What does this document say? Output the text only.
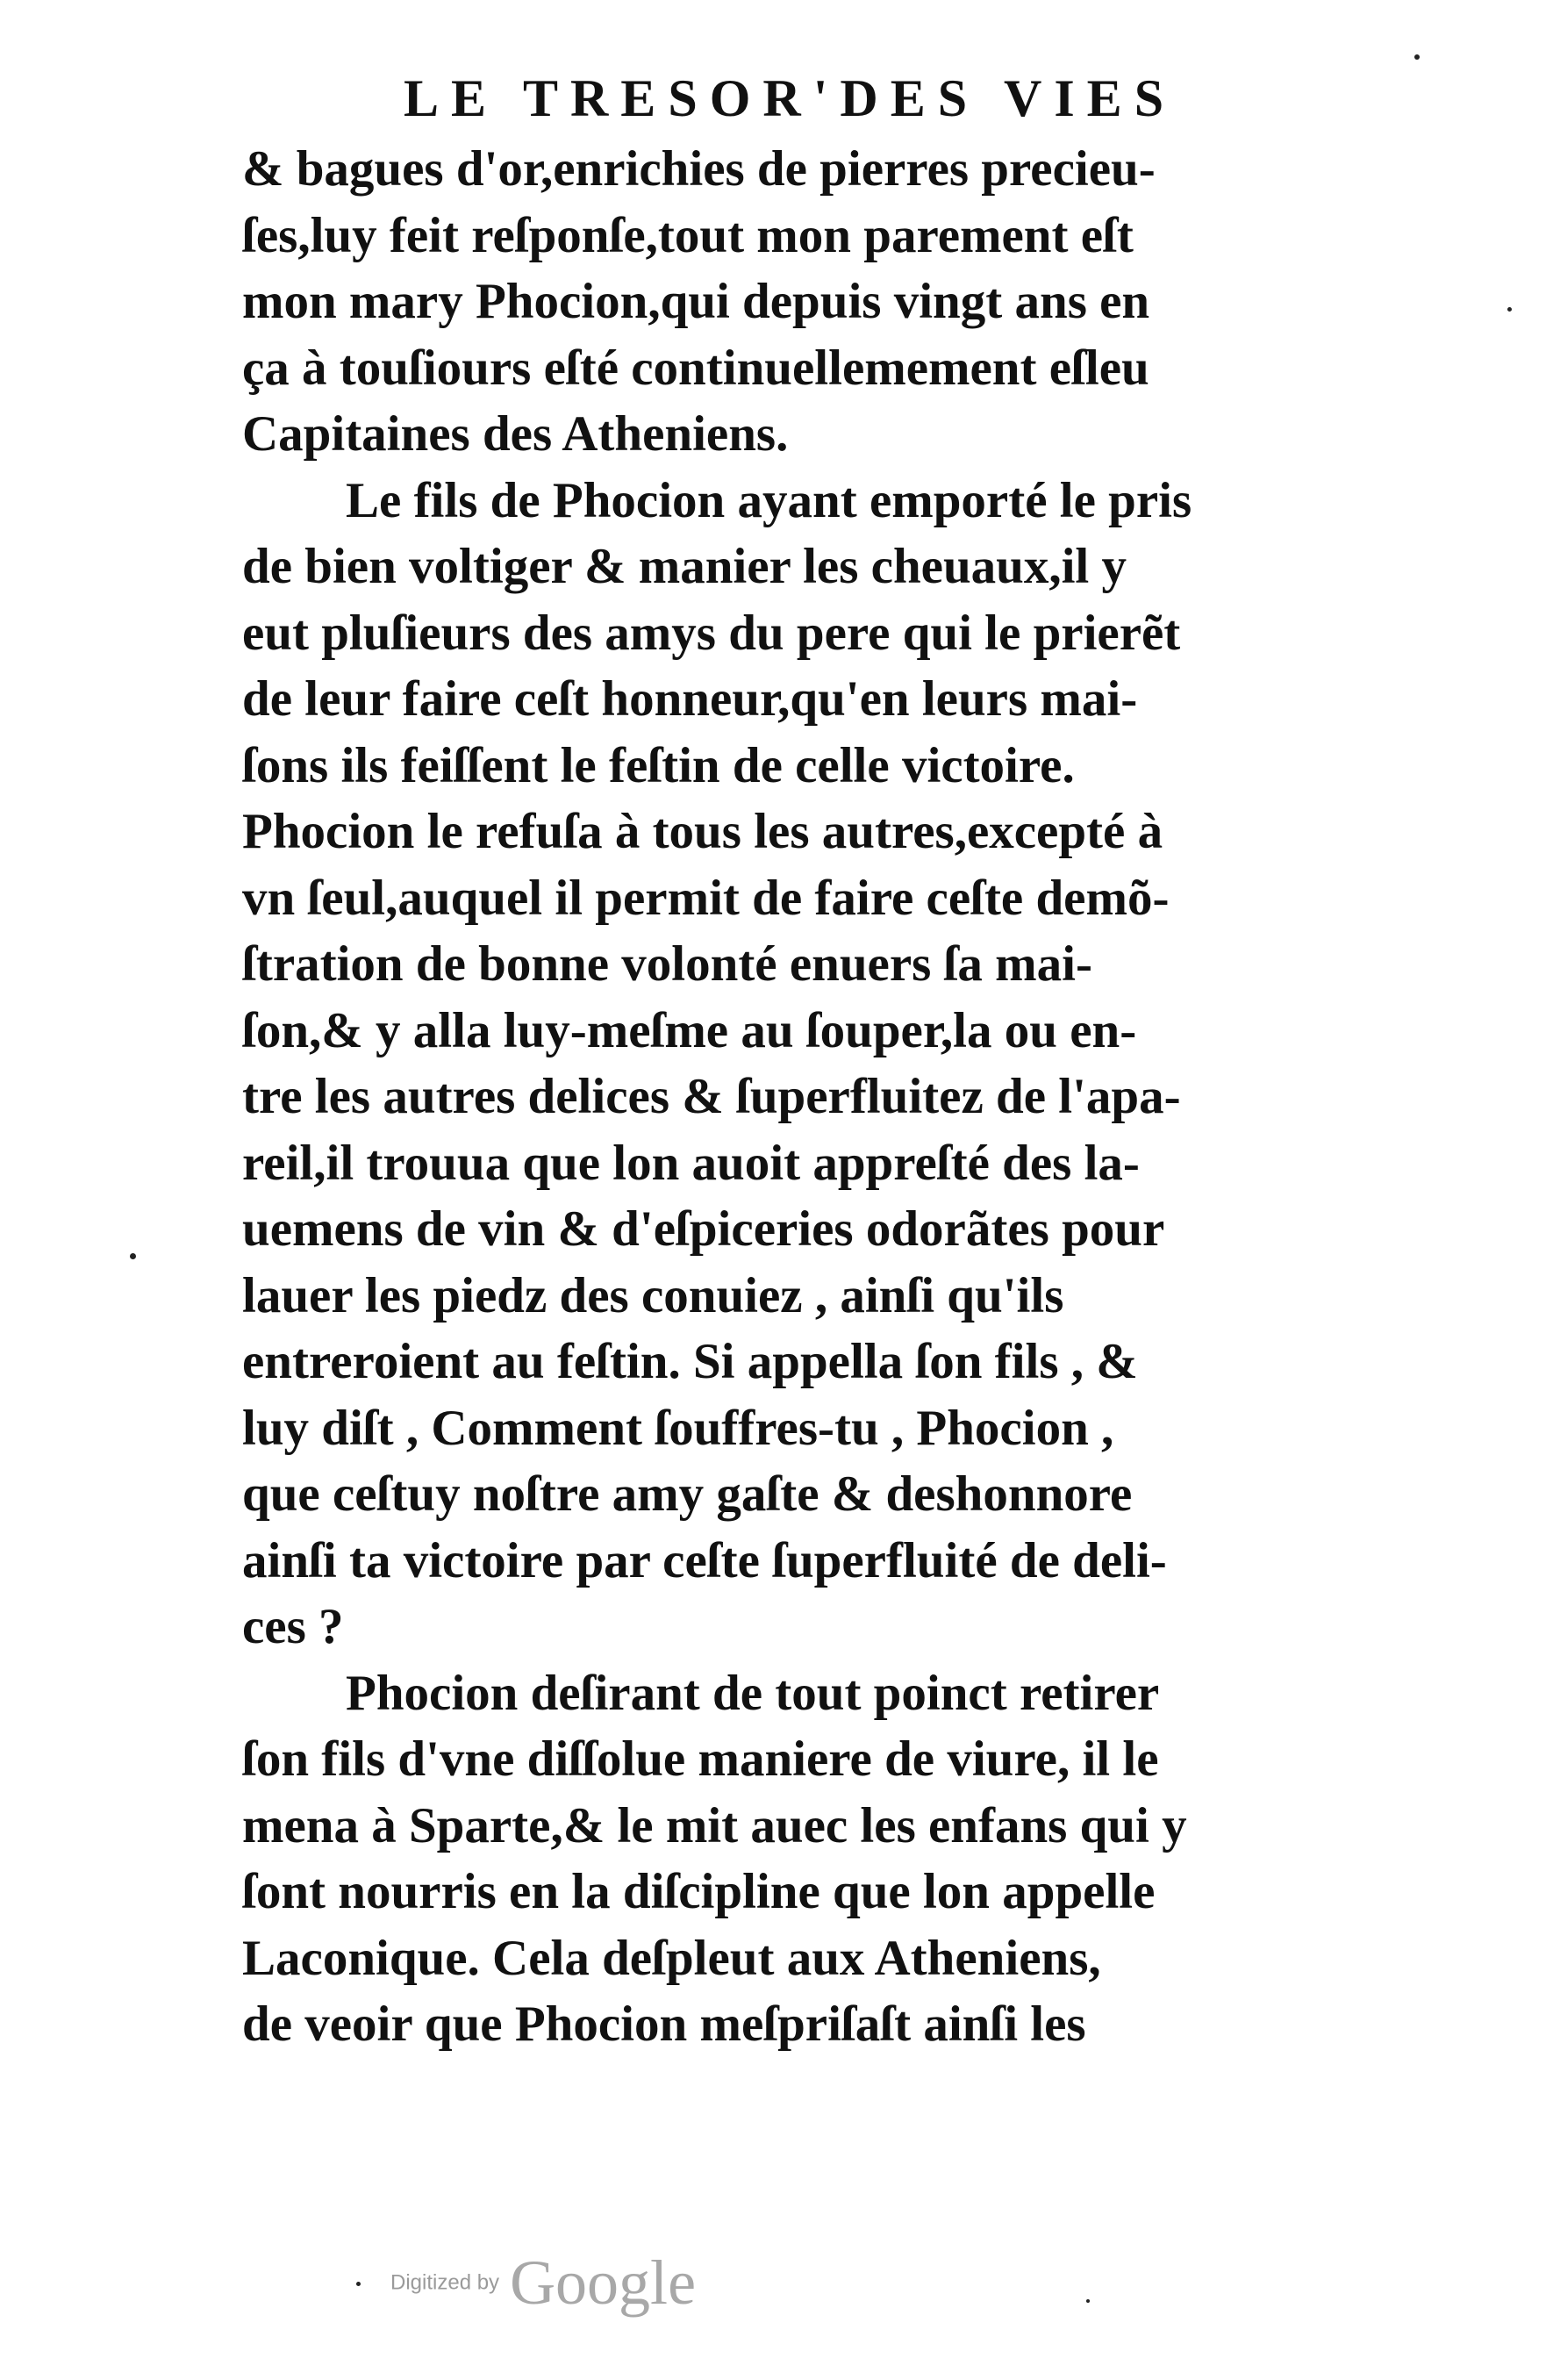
LE TRESOR'DES VIES
& bagues d'or,enrichies de pierres precieu-
ſes,luy feit reſponſe,tout mon parement eſt
mon mary Phocion,qui depuis vingt ans en
ça à touſiours eſté continuellemement eſleu
Capitaines des Atheniens.
Le fils de Phocion ayant emporté le pris
de bien voltiger & manier les cheuaux,il y
eut pluſieurs des amys du pere qui le prierẽt
de leur faire ceſt honneur,qu'en leurs mai-
ſons ils feiſſent le feſtin de celle victoire.
Phocion le refuſa à tous les autres,excepté à
vn ſeul,auquel il permit de faire ceſte demõ-
ſtration de bonne volonté enuers ſa mai-
ſon,& y alla luy-meſme au ſouper,la ou en-
tre les autres delices & ſuperfluitez de l'apa-
reil,il trouua que lon auoit appreſté des la-
uemens de vin & d'eſpiceries odorãtes pour
lauer les piedz des conuiez , ainſi qu'ils
entreroient au feſtin. Si appella ſon fils , &
luy diſt , Comment ſouffres-tu , Phocion ,
que ceſtuy noſtre amy gaſte & deshonnore
ainſi ta victoire par ceſte ſuperfluité de deli-
ces ?
Phocion deſirant de tout poinct retirer
ſon fils d'vne diſſolue maniere de viure, il le
mena à Sparte,& le mit auec les enfans qui y
ſont nourris en la diſcipline que lon appelle
Laconique. Cela deſpleut aux Atheniens,
de veoir que Phocion meſpriſaſt ainſi les
Digitized by Google
